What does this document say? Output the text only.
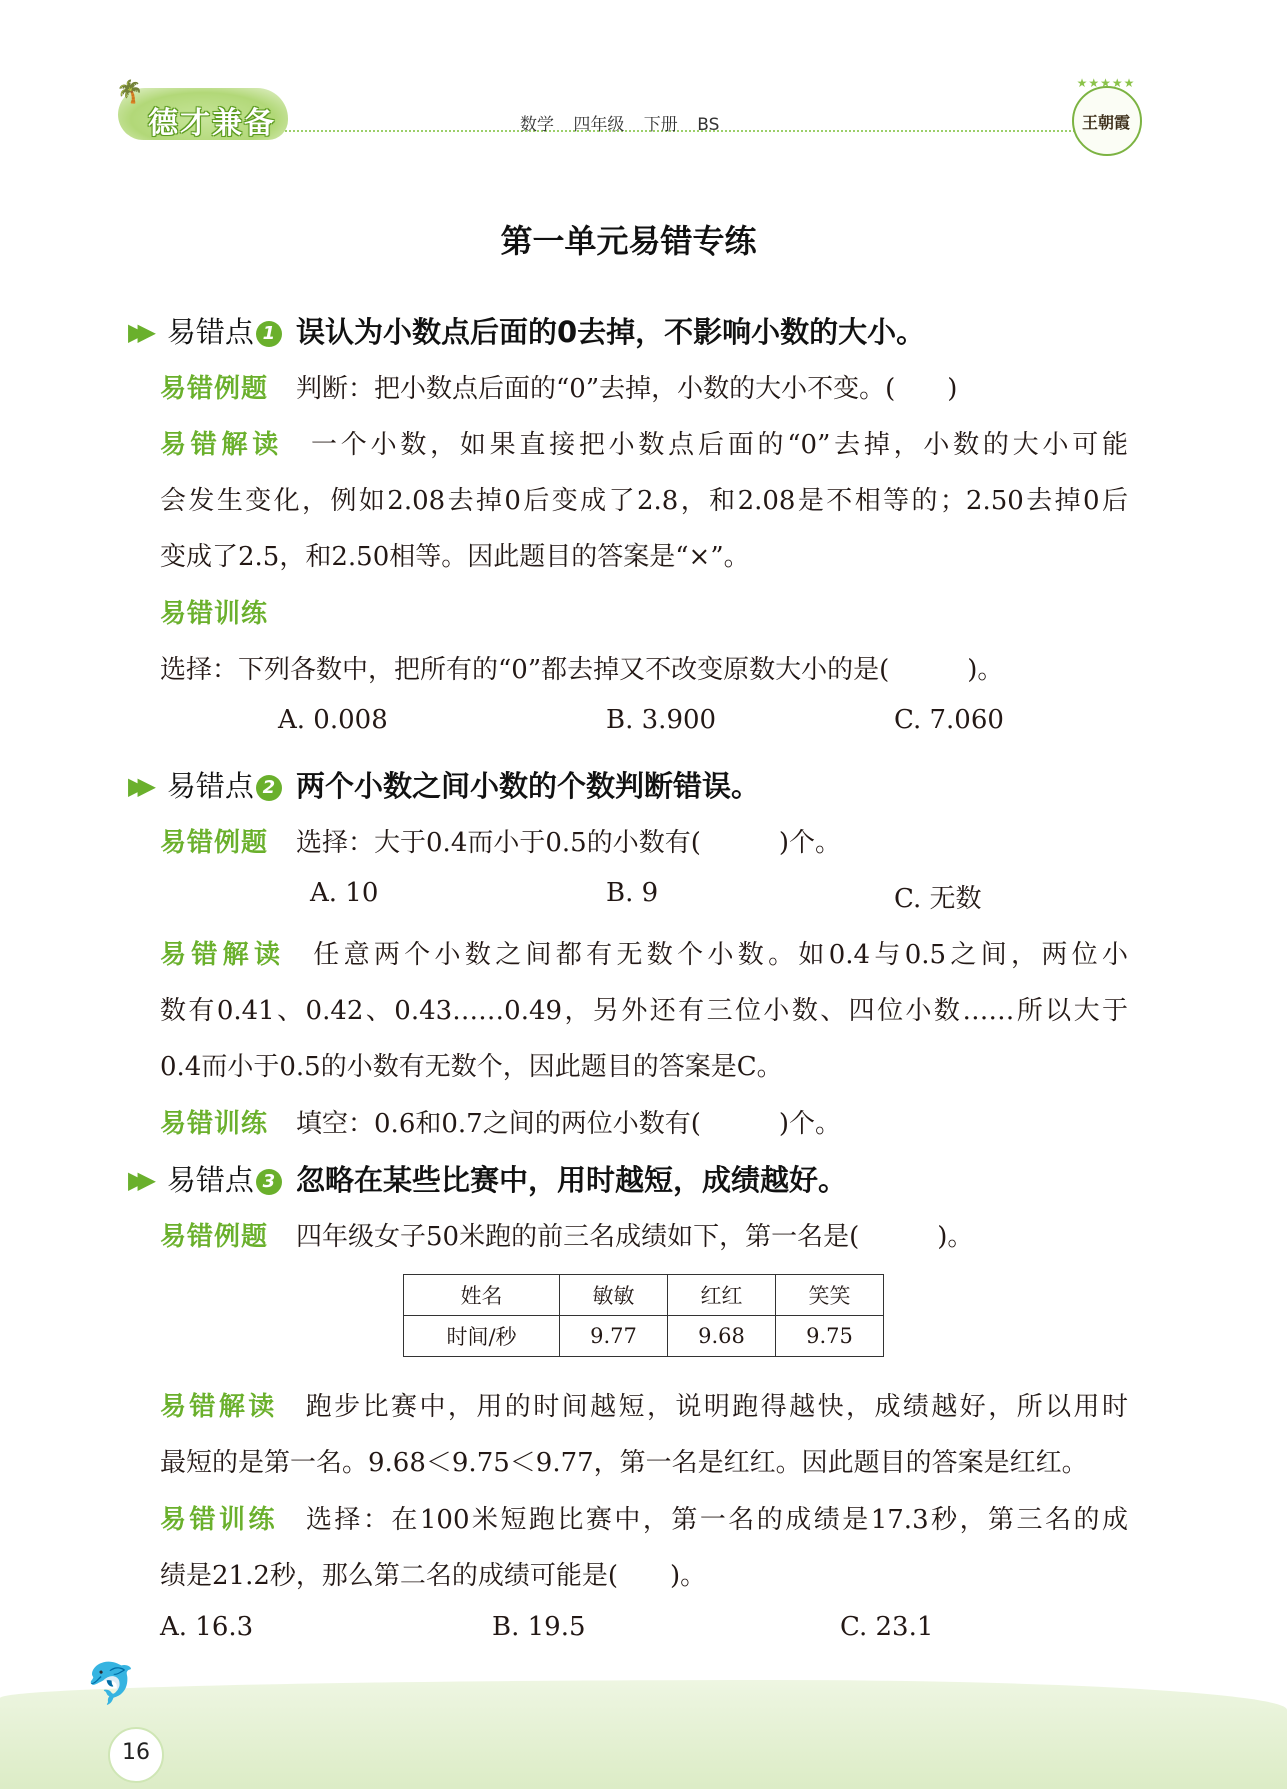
🌴
德才兼备	数学 四年级 下册 BS
★★★★★
王朝霞
第一单元易错专练
▶▶ 易错点 1 误认为小数点后面的0去掉，不影响小数的大小。
易错例题 判断：把小数点后面的“0”去掉，小数的大小不变。(　　)
易错解读 一个小数，如果直接把小数点后面的“0”去掉，小数的大小可能
会发生变化，例如2.08去掉0后变成了2.8，和2.08是不相等的；2.50去掉0后
变成了2.5，和2.50相等。因此题目的答案是“×”。
易错训练
选择：下列各数中，把所有的“0”都去掉又不改变原数大小的是(　　　)。
A. 0.008	B. 3.900	C. 7.060
▶▶ 易错点 2 两个小数之间小数的个数判断错误。
易错例题 选择：大于0.4而小于0.5的小数有(　　　)个。
A. 10	B. 9	C. 无数
易错解读 任意两个小数之间都有无数个小数。如0.4与0.5之间，两位小
数有0.41、0.42、0.43……0.49，另外还有三位小数、四位小数……所以大于
0.4而小于0.5的小数有无数个，因此题目的答案是C。
易错训练 填空：0.6和0.7之间的两位小数有(　　　)个。
▶▶ 易错点 3 忽略在某些比赛中，用时越短，成绩越好。
易错例题 四年级女子50米跑的前三名成绩如下，第一名是(　　　)。
姓名	敏敏	红红	笑笑
时间/秒	9.77	9.68	9.75
易错解读 跑步比赛中，用的时间越短，说明跑得越快，成绩越好，所以用时
最短的是第一名。9.68＜9.75＜9.77，第一名是红红。因此题目的答案是红红。
易错训练 选择：在100米短跑比赛中，第一名的成绩是17.3秒，第三名的成
绩是21.2秒，那么第二名的成绩可能是(　　)。
A. 16.3	B. 19.5	C. 23.1
🐬
16
